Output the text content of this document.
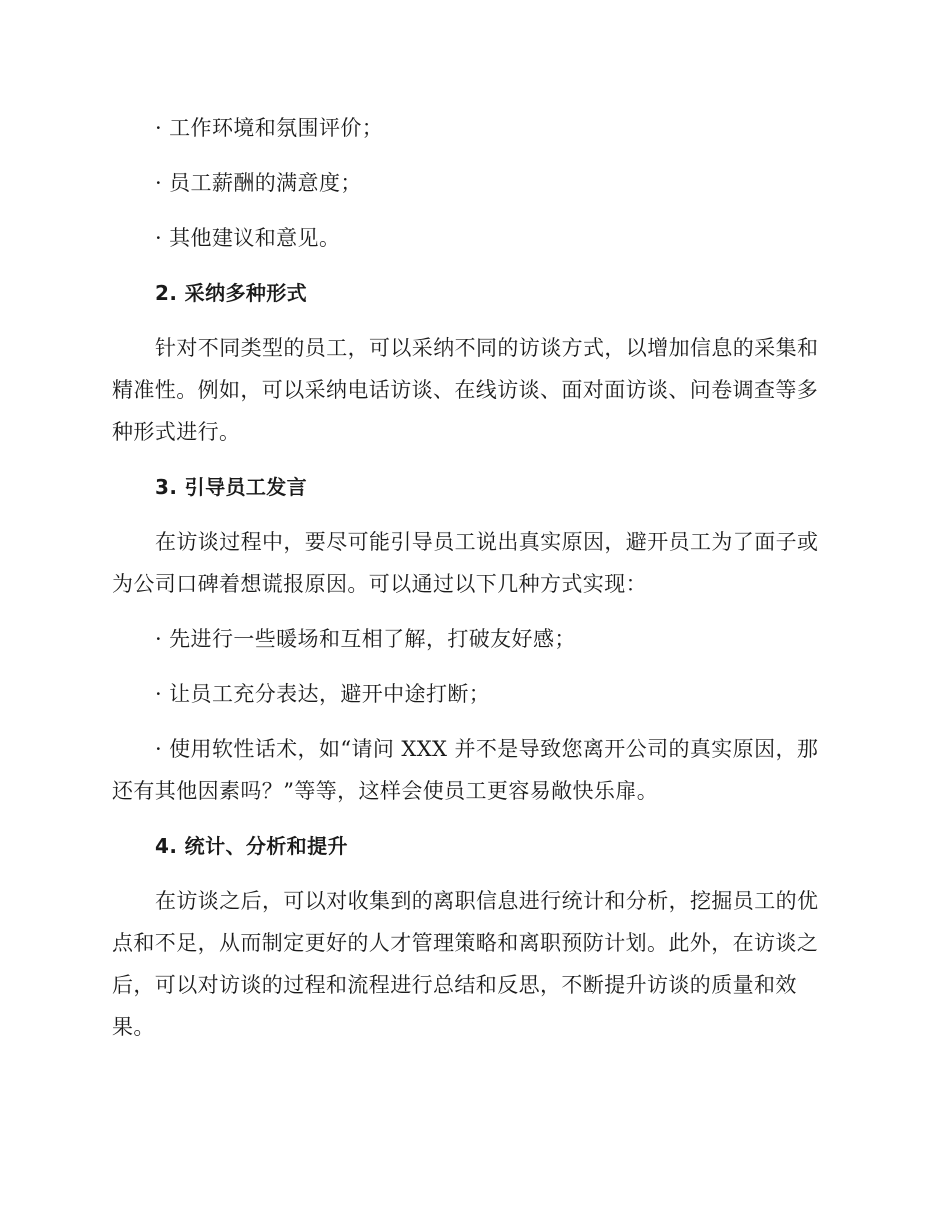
· 工作环境和氛围评价；
· 员工薪酬的满意度；
· 其他建议和意见。
2. 采纳多种形式
针对不同类型的员工，可以采纳不同的访谈方式，以增加信息的采集和
精准性。例如，可以采纳电话访谈、在线访谈、面对面访谈、问卷调查等多
种形式进行。
3. 引导员工发言
在访谈过程中，要尽可能引导员工说出真实原因，避开员工为了面子或
为公司口碑着想谎报原因。可以通过以下几种方式实现：
· 先进行一些暖场和互相了解，打破友好感；
· 让员工充分表达，避开中途打断；
· 使用软性话术，如“请问 XXX 并不是导致您离开公司的真实原因，那
还有其他因素吗？”等等，这样会使员工更容易敞快乐扉。
4. 统计、分析和提升
在访谈之后，可以对收集到的离职信息进行统计和分析，挖掘员工的优
点和不足，从而制定更好的人才管理策略和离职预防计划。此外，在访谈之
后，可以对访谈的过程和流程进行总结和反思，不断提升访谈的质量和效
果。
